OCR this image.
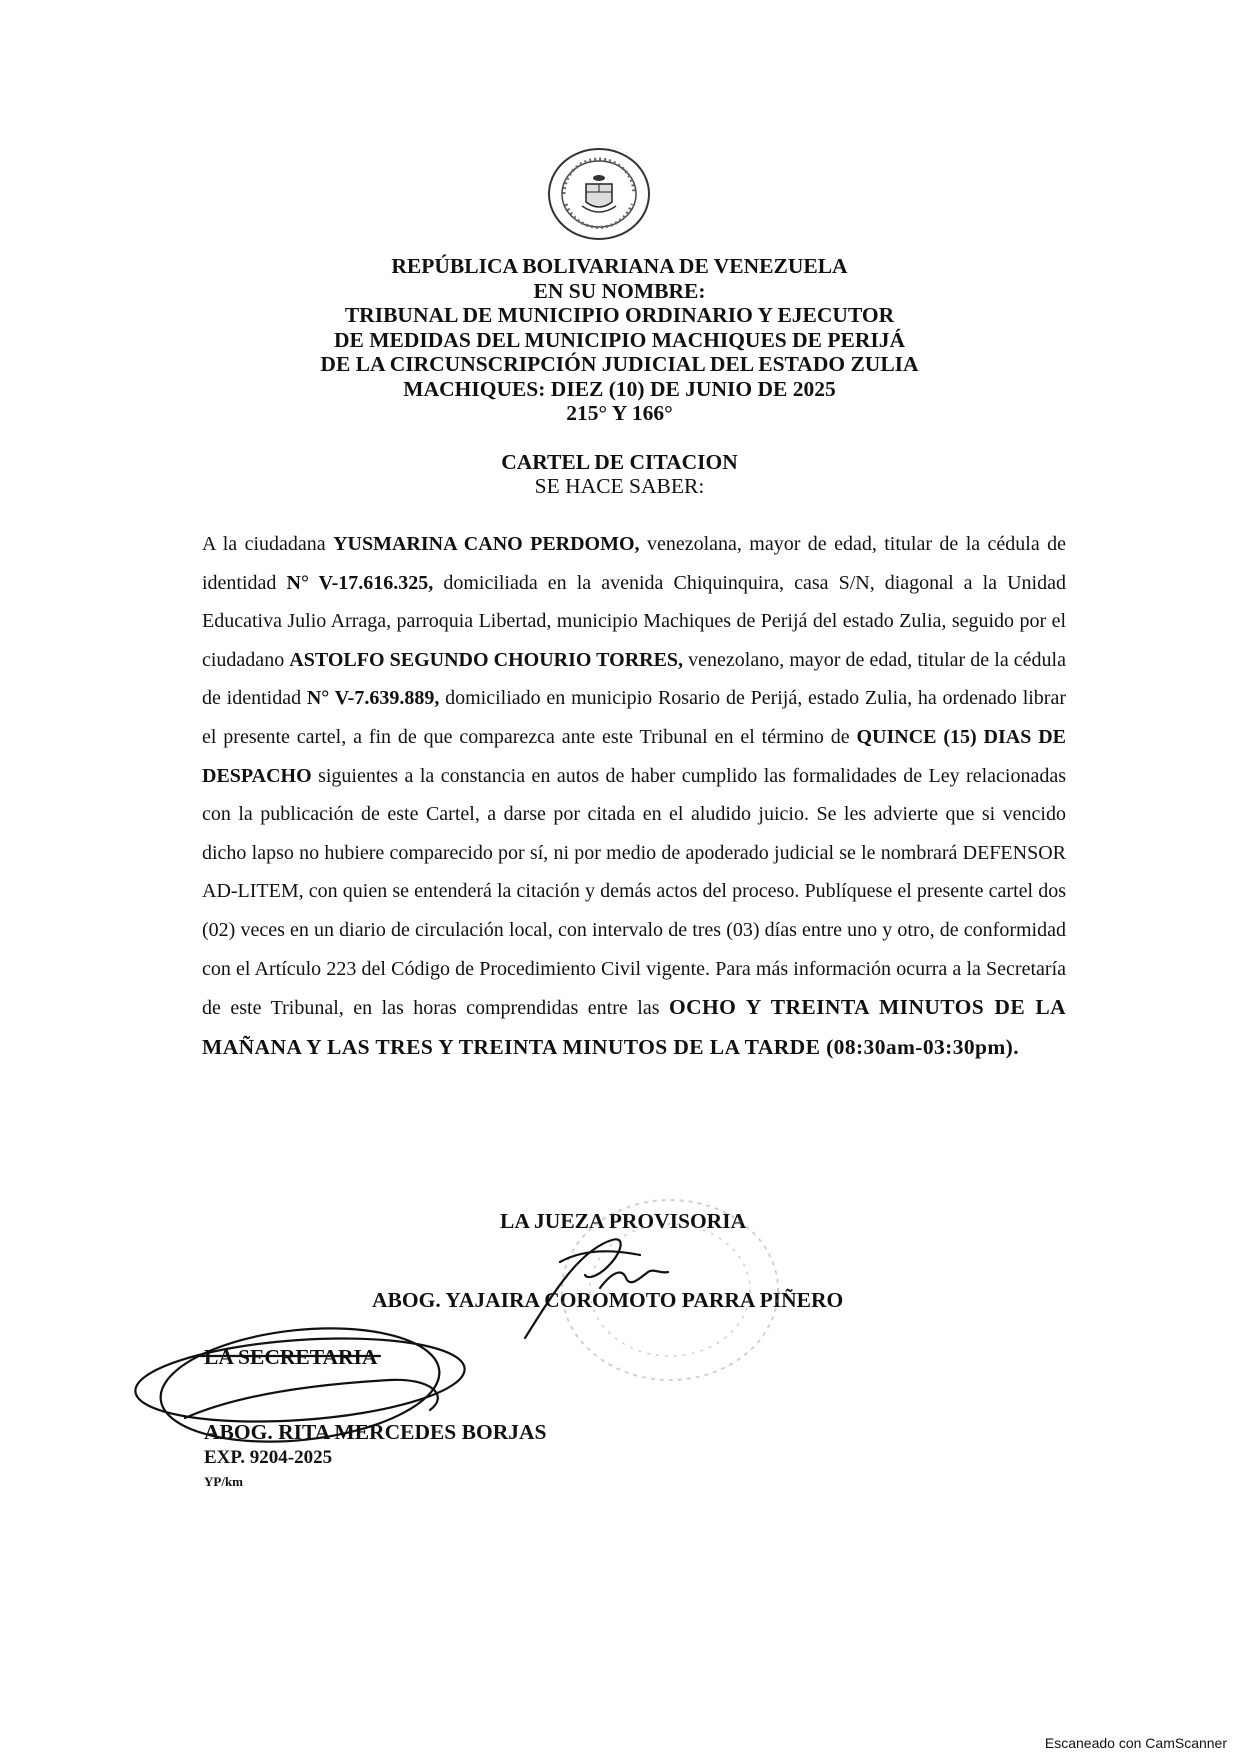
REPÚBLICA BOLIVARIANA DE VENEZUELA
EN SU NOMBRE:
TRIBUNAL DE MUNICIPIO ORDINARIO Y EJECUTOR
DE MEDIDAS DEL MUNICIPIO MACHIQUES DE PERIJÁ
DE LA CIRCUNSCRIPCIÓN JUDICIAL DEL ESTADO ZULIA
MACHIQUES: DIEZ (10) DE JUNIO DE 2025
215° Y 166°
CARTEL DE CITACION
SE HACE SABER:

A la ciudadana YUSMARINA CANO PERDOMO, venezolana, mayor de edad, titular de la cédula de identidad N° V-17.616.325, domiciliada en la avenida Chiquinquira, casa S/N, diagonal a la Unidad Educativa Julio Arraga, parroquia Libertad, municipio Machiques de Perijá del estado Zulia, seguido por el ciudadano ASTOLFO SEGUNDO CHOURIO TORRES, venezolano, mayor de edad, titular de la cédula de identidad N° V-7.639.889, domiciliado en municipio Rosario de Perijá, estado Zulia, ha ordenado librar el presente cartel, a fin de que comparezca ante este Tribunal en el término de QUINCE (15) DIAS DE DESPACHO siguientes a la constancia en autos de haber cumplido las formalidades de Ley relacionadas con la publicación de este Cartel, a darse por citada en el aludido juicio. Se les advierte que si vencido dicho lapso no hubiere comparecido por sí, ni por medio de apoderado judicial se le nombrará DEFENSOR AD-LITEM, con quien se entenderá la citación y demás actos del proceso. Publíquese el presente cartel dos (02) veces en un diario de circulación local, con intervalo de tres (03) días entre uno y otro, de conformidad con el Artículo 223 del Código de Procedimiento Civil vigente. Para más información ocurra a la Secretaría de este Tribunal, en las horas comprendidas entre las OCHO Y TREINTA MINUTOS DE LA MAÑANA Y LAS TRES Y TREINTA MINUTOS DE LA TARDE (08:30am-03:30pm).

LA JUEZA PROVISORIA
ABOG. YAJAIRA COROMOTO PARRA PIÑERO
LA SECRETARIA
ABOG. RITA MERCEDES BORJAS
EXP. 9204-2025
YP/km
Escaneado con CamScanner
